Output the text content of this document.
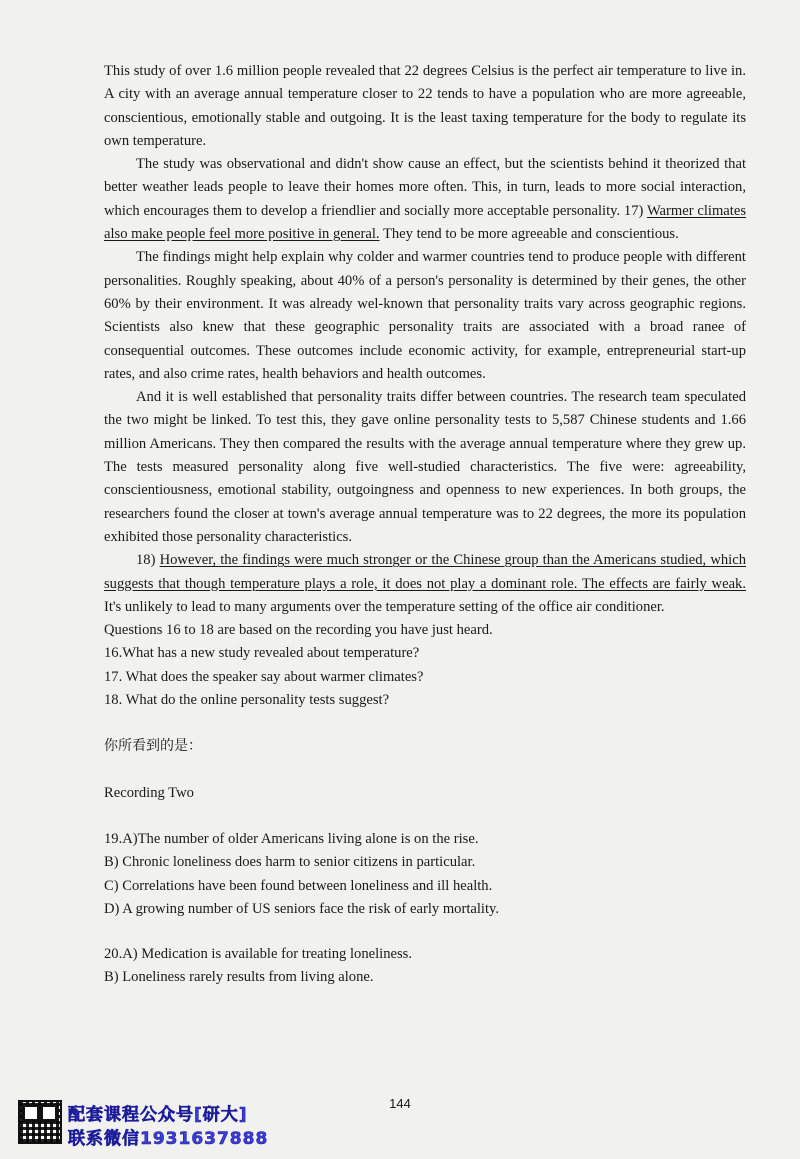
This study of over 1.6 million people revealed that 22 degrees Celsius is the perfect air temperature to live in. A city with an average annual temperature closer to 22 tends to have a population who are more agreeable, conscientious, emotionally stable and outgoing. It is the least taxing temperature for the body to regulate its own temperature.

The study was observational and didn't show cause an effect, but the scientists behind it theorized that better weather leads people to leave their homes more often. This, in turn, leads to more social interaction, which encourages them to develop a friendlier and socially more acceptable personality. 17) Warmer climates also make people feel more positive in general. They tend to be more agreeable and conscientious.

The findings might help explain why colder and warmer countries tend to produce people with different personalities. Roughly speaking, about 40% of a person's personality is determined by their genes, the other 60% by their environment. It was already wel-known that personality traits vary across geographic regions. Scientists also knew that these geographic personality traits are associated with a broad ranee of consequential outcomes. These outcomes include economic activity, for example, entrepreneurial start-up rates, and also crime rates, health behaviors and health outcomes.

And it is well established that personality traits differ between countries. The research team speculated the two might be linked. To test this, they gave online personality tests to 5,587 Chinese students and 1.66 million Americans. They then compared the results with the average annual temperature where they grew up. The tests measured personality along five well-studied characteristics. The five were: agreeability, conscientiousness, emotional stability, outgoingness and openness to new experiences. In both groups, the researchers found the closer at town's average annual temperature was to 22 degrees, the more its population exhibited those personality characteristics.

18) However, the findings were much stronger or the Chinese group than the Americans studied, which suggests that though temperature plays a role, it does not play a dominant role. The effects are fairly weak. It's unlikely to lead to many arguments over the temperature setting of the office air conditioner.

Questions 16 to 18 are based on the recording you have just heard.

16.What has a new study revealed about temperature?

17. What does the speaker say about warmer climates?

18. What do the online personality tests suggest?

你所看到的是：

Recording Two

19.A)The number of older Americans living alone is on the rise.

B) Chronic loneliness does harm to senior citizens in particular.

C) Correlations have been found between loneliness and ill health.

D) A growing number of US seniors face the risk of early mortality.

20.A) Medication is available for treating loneliness.

B) Loneliness rarely results from living alone.

144
配套课程公众号[研大]
联系微信1931637888
